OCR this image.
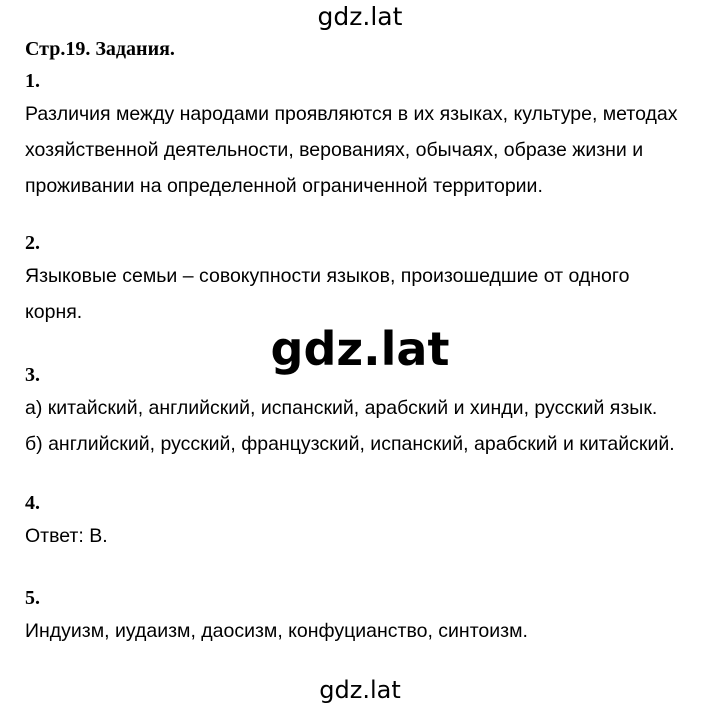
gdz.lat
Стр.19. Задания.
1.
Различия между народами проявляются в их языках, культуре, методах
хозяйственной деятельности, верованиях, обычаях, образе жизни и
проживании на определенной ограниченной территории.
2.
Языковые семьи – совокупности языков, произошедшие от одного
корня.
gdz.lat
3.
а) китайский, английский, испанский, арабский и хинди, русский язык.
б) английский, русский, французский, испанский, арабский и китайский.
4.
Ответ: В.
5.
Индуизм, иудаизм, даосизм, конфуцианство, синтоизм.
gdz.lat
